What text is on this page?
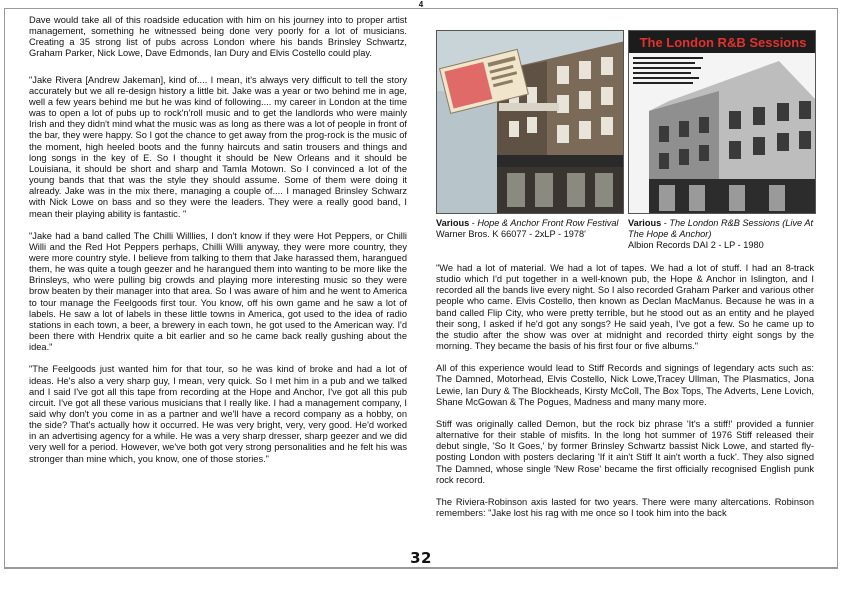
4

Dave would take all of this roadside education with him on his journey into to proper artist management, something he witnessed being done very poorly for a lot of musicians. Creating a 35 strong list of pubs across London where his bands Brinsley Schwartz, Graham Parker, Nick Lowe, Dave Edmonds, Ian Dury and Elvis Costello could play.

"Jake Rivera [Andrew Jakeman], kind of.... I mean, it's always very difficult to tell the story accurately but we all re-design history a little bit. Jake was a year or two behind me in age, well a few years behind me but he was kind of following.... my career in London at the time was to open a lot of pubs up to rock'n'roll music and to get the landlords who were mainly Irish and they didn't mind what the music was as long as there was a lot of people in front of the bar, they were happy. So I got the chance to get away from the prog-rock is the music of the moment, high heeled boots and the funny haircuts and satin trousers and things and long songs in the key of E. So I thought it should be New Orleans and it should be Louisiana, it should be short and sharp and Tamla Motown. So I convinced a lot of the young bands that that was the style they should assume. Some of them were doing it already. Jake was in the mix there, managing a couple of.... I managed Brinsley Schwarz with Nick Lowe on bass and so they were the leaders. They were a really good band, I mean their playing ability is fantastic. "

"Jake had a band called The Chilli Willlies, I don't know if they were Hot Peppers, or Chilli Willi and the Red Hot Peppers perhaps, Chilli Willi anyway, they were more country, they were more country style. I believe from talking to them that Jake harassed them, harangued them, he was quite a tough geezer and he harangued them into wanting to be more like the Brinsleys, who were pulling big crowds and playing more interesting music so they were brow beaten by their manager into that area. So I was aware of him and he went to America to tour manage the Feelgoods first tour. You know, off his own game and he saw a lot of labels. He saw a lot of labels in these little towns in America, got used to the idea of radio stations in each town, a beer, a brewery in each town, he got used to the American way. I'd been there with Hendrix quite a bit earlier and so he came back really gushing about the idea."

"The Feelgoods just wanted him for that tour, so he was kind of broke and had a lot of ideas. He's also a very sharp guy, I mean, very quick. So I met him in a pub and we talked and I said I've got all this tape from recording at the Hope and Anchor, I've got all this pub circuit. I've got all these various musicians that I really like. I had a management company, I said why don't you come in as a partner and we'll have a record company as a hobby, on the side? That's actually how it occurred. He was very bright, very, very good. He'd worked in an advertising agency for a while. He was a very sharp dresser, sharp geezer and we did very well for a period. However, we've both got very strong personalities and he felt his was stronger than mine which, you know, one of those stories."

The London R&B Sessions
Various - Hope & Anchor Front Row Festival
Warner Bros. K 66077 - 2xLP - 1978'
Various - The London R&B Sessions (Live At The Hope & Anchor)
Albion Records DAI 2 - LP - 1980

"We had a lot of material. We had a lot of tapes. We had a lot of stuff. I had an 8-track studio which I'd put together in a well-known pub, the Hope & Anchor in Islington, and I recorded all the bands live every night. So I also recorded Graham Parker and various other people who came. Elvis Costello, then known as Declan MacManus. Because he was in a band called Flip City, who were pretty terrible, but he stood out as an entity and he played their song, I asked if he'd got any songs? He said yeah, I've got a few. So he came up to the studio after the show was over at midnight and recorded thirty eight songs by the morning. They became the basis of his first four or five albums."

All of this experience would lead to Stiff Records and signings of legendary acts such as: The Damned, Motorhead, Elvis Costello, Nick Lowe,Tracey Ullman, The Plasmatics, Jona Lewie, Ian Dury & The Blockheads, Kirsty McColl, The Box Tops, The Adverts, Lene Lovich, Shane McGowan & The Pogues, Madness and many many more.

Stiff was originally called Demon, but the rock biz phrase 'It's a stiff!' provided a funnier alternative for their stable of misfits. In the long hot summer of 1976 Stiff released their debut single, 'So It Goes,' by former Brinsley Schwartz bassist Nick Lowe, and started fly-posting London with posters declaring 'If it ain't Stiff It ain't worth a fuck'. They also signed The Damned, whose single 'New Rose' became the first officially recognised English punk rock record.

The Riviera-Robinson axis lasted for two years. There were many altercations. Robinson remembers: "Jake lost his rag with me once so I took him into the back

32
